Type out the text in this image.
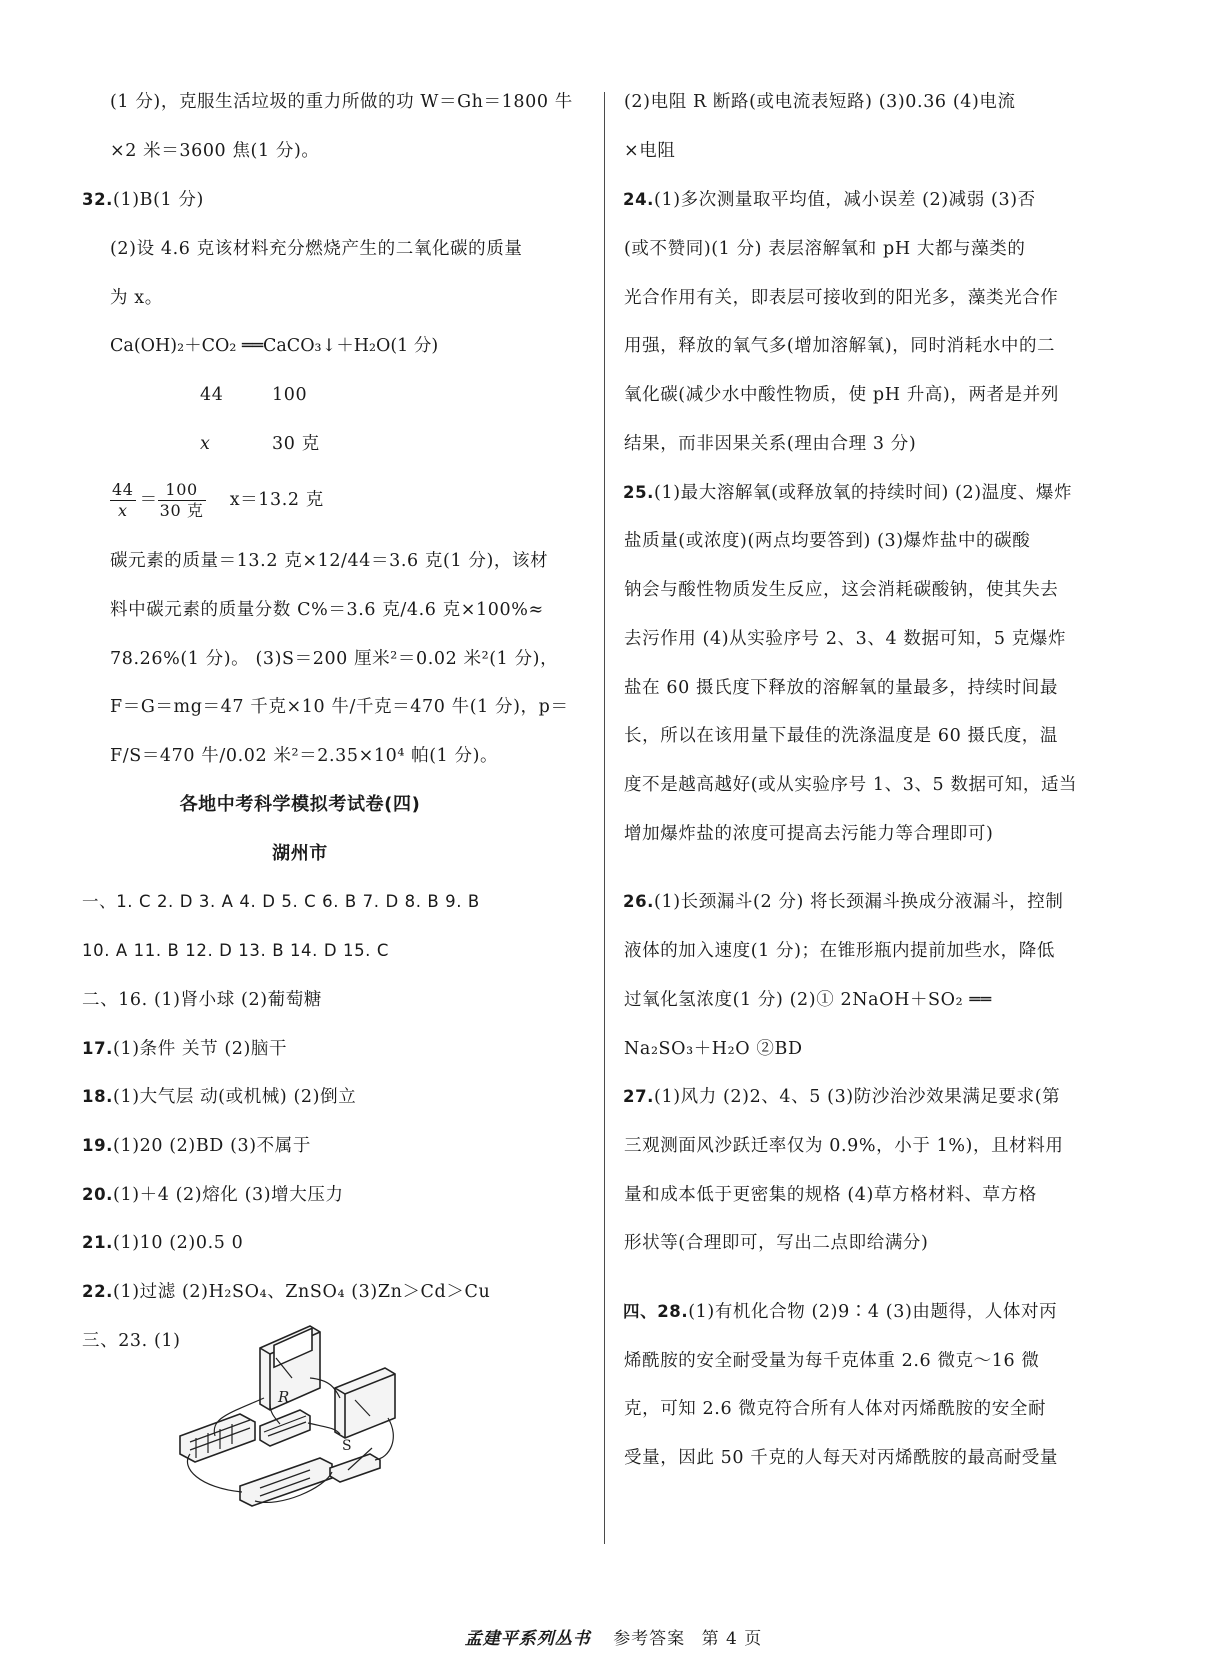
(1 分)，克服生活垃圾的重力所做的功 W＝Gh＝1800 牛
×2 米＝3600 焦(1 分)。
32.(1)B(1 分)
(2)设 4.6 克该材料充分燃烧产生的二氧化碳的质量
为 x。
Ca(OH)₂＋CO₂ ══CaCO₃↓＋H₂O(1 分)
44	100
x	30 克
$\frac{44}{x} = \frac{100}{\text{30 克}} x=13.2$ 克
碳元素的质量＝13.2 克×12/44＝3.6 克(1 分)，该材
料中碳元素的质量分数 C%＝3.6 克/4.6 克×100%≈
78.26%(1 分)。 (3)S＝200 厘米²＝0.02 米²(1 分)，
F＝G＝mg＝47 千克×10 牛/千克＝470 牛(1 分)，p＝
F/S＝470 牛/0.02 米²＝2.35×10⁴ 帕(1 分)。
各地中考科学模拟考试卷(四)
湖州市
一、1. C 2. D 3. A 4. D 5. C 6. B 7. D 8. B 9. B
10. A 11. B 12. D 13. B 14. D 15. C
二、16. (1)肾小球 (2)葡萄糖
17.(1)条件 关节 (2)脑干
18.(1)大气层 动(或机械) (2)倒立
19.(1)20 (2)BD (3)不属于
20.(1)＋4 (2)熔化 (3)增大压力
21.(1)10 (2)0.5 0
22.(1)过滤 (2)H₂SO₄、ZnSO₄ (3)Zn＞Cd＞Cu
三、23. (1)
R
S
(2)电阻 R 断路(或电流表短路) (3)0.36 (4)电流
×电阻
24.(1)多次测量取平均值，减小误差 (2)减弱 (3)否
(或不赞同)(1 分) 表层溶解氧和 pH 大都与藻类的
光合作用有关，即表层可接收到的阳光多，藻类光合作
用强，释放的氧气多(增加溶解氧)，同时消耗水中的二
氧化碳(减少水中酸性物质，使 pH 升高)，两者是并列
结果，而非因果关系(理由合理 3 分)
25.(1)最大溶解氧(或释放氧的持续时间) (2)温度、爆炸
盐质量(或浓度)(两点均要答到) (3)爆炸盐中的碳酸
钠会与酸性物质发生反应，这会消耗碳酸钠，使其失去
去污作用 (4)从实验序号 2、3、4 数据可知，5 克爆炸
盐在 60 摄氏度下释放的溶解氧的量最多，持续时间最
长，所以在该用量下最佳的洗涤温度是 60 摄氏度，温
度不是越高越好(或从实验序号 1、3、5 数据可知，适当
增加爆炸盐的浓度可提高去污能力等合理即可)
26.(1)长颈漏斗(2 分) 将长颈漏斗换成分液漏斗，控制
液体的加入速度(1 分)；在锥形瓶内提前加些水，降低
过氧化氢浓度(1 分) (2)① 2NaOH＋SO₂ ══
Na₂SO₃＋H₂O ②BD
27.(1)风力 (2)2、4、5 (3)防沙治沙效果满足要求(第
三观测面风沙跃迁率仅为 0.9%，小于 1%)，且材料用
量和成本低于更密集的规格 (4)草方格材料、草方格
形状等(合理即可，写出二点即给满分)
四、28.(1)有机化合物 (2)9∶4 (3)由题得，人体对丙
烯酰胺的安全耐受量为每千克体重 2.6 微克～16 微
克，可知 2.6 微克符合所有人体对丙烯酰胺的安全耐
受量，因此 50 千克的人每天对丙烯酰胺的最高耐受量
孟建平系列丛书 参考答案 第 4 页
